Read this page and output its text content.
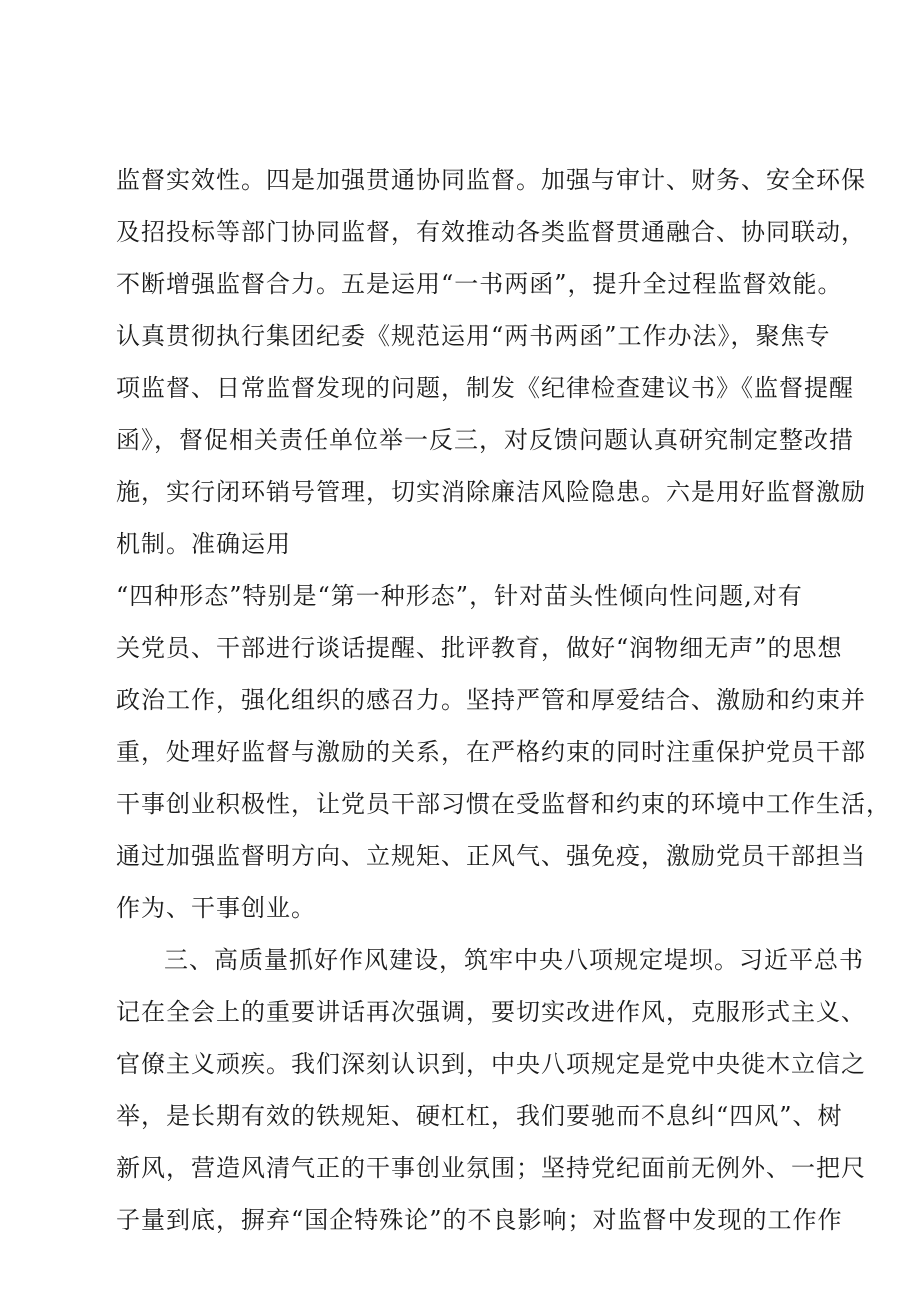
监督实效性。四是加强贯通协同监督。加强与审计、财务、安全环保
及招投标等部门协同监督，有效推动各类监督贯通融合、协同联动，
不断增强监督合力。五是运用“一书两函”，提升全过程监督效能。
认真贯彻执行集团纪委《规范运用“两书两函”工作办法》，聚焦专
项监督、日常监督发现的问题，制发《纪律检查建议书》《监督提醒
函》，督促相关责任单位举一反三，对反馈问题认真研究制定整改措
施，实行闭环销号管理，切实消除廉洁风险隐患。六是用好监督激励
机制。准确运用
“四种形态”特别是“第一种形态”，针对苗头性倾向性问题,对有
关党员、干部进行谈话提醒、批评教育，做好“润物细无声”的思想
政治工作，强化组织的感召力。坚持严管和厚爱结合、激励和约束并
重，处理好监督与激励的关系，在严格约束的同时注重保护党员干部
干事创业积极性，让党员干部习惯在受监督和约束的环境中工作生活，
通过加强监督明方向、立规矩、正风气、强免疫，激励党员干部担当
作为、干事创业。
三、高质量抓好作风建设，筑牢中央八项规定堤坝。习近平总书
记在全会上的重要讲话再次强调，要切实改进作风，克服形式主义、
官僚主义顽疾。我们深刻认识到，中央八项规定是党中央徙木立信之
举，是长期有效的铁规矩、硬杠杠，我们要驰而不息纠“四风”、树
新风，营造风清气正的干事创业氛围；坚持党纪面前无例外、一把尺
子量到底，摒弃“国企特殊论”的不良影响；对监督中发现的工作作
